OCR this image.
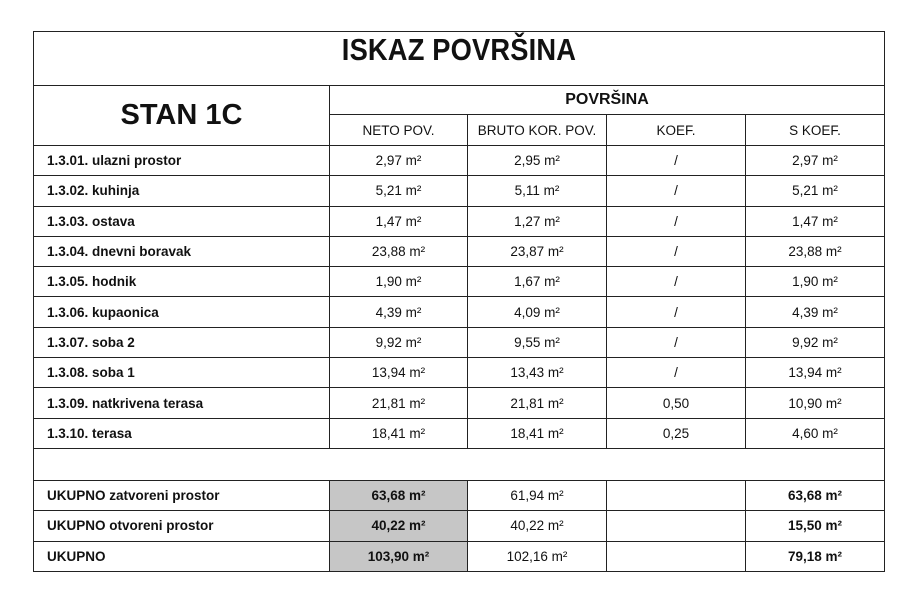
ISKAZ POVRŠINA				

STAN 1C	POVRŠINA			
	NETO POV.	BRUTO KOR. POV.	KOEF.	S KOEF.
1.3.01. ulazni prostor	2,97 m²	2,95 m²	/	2,97 m²
1.3.02. kuhinja	5,21 m²	5,11 m²	/	5,21 m²
1.3.03. ostava	1,47 m²	1,27 m²	/	1,47 m²
1.3.04. dnevni boravak	23,88 m²	23,87 m²	/	23,88 m²
1.3.05. hodnik	1,90 m²	1,67 m²	/	1,90 m²
1.3.06. kupaonica	4,39 m²	4,09 m²	/	4,39 m²
1.3.07. soba 2	9,92 m²	9,55 m²	/	9,92 m²
1.3.08. soba 1	13,94 m²	13,43 m²	/	13,94 m²
1.3.09. natkrivena terasa	21,81 m²	21,81 m²	0,50	10,90 m²
1.3.10. terasa	18,41 m²	18,41 m²	0,25	4,60 m²

UKUPNO zatvoreni prostor	63,68 m²	61,94 m²		63,68 m²
UKUPNO otvoreni prostor	40,22 m²	40,22 m²		15,50 m²
UKUPNO	103,90 m²	102,16 m²		79,18 m²
